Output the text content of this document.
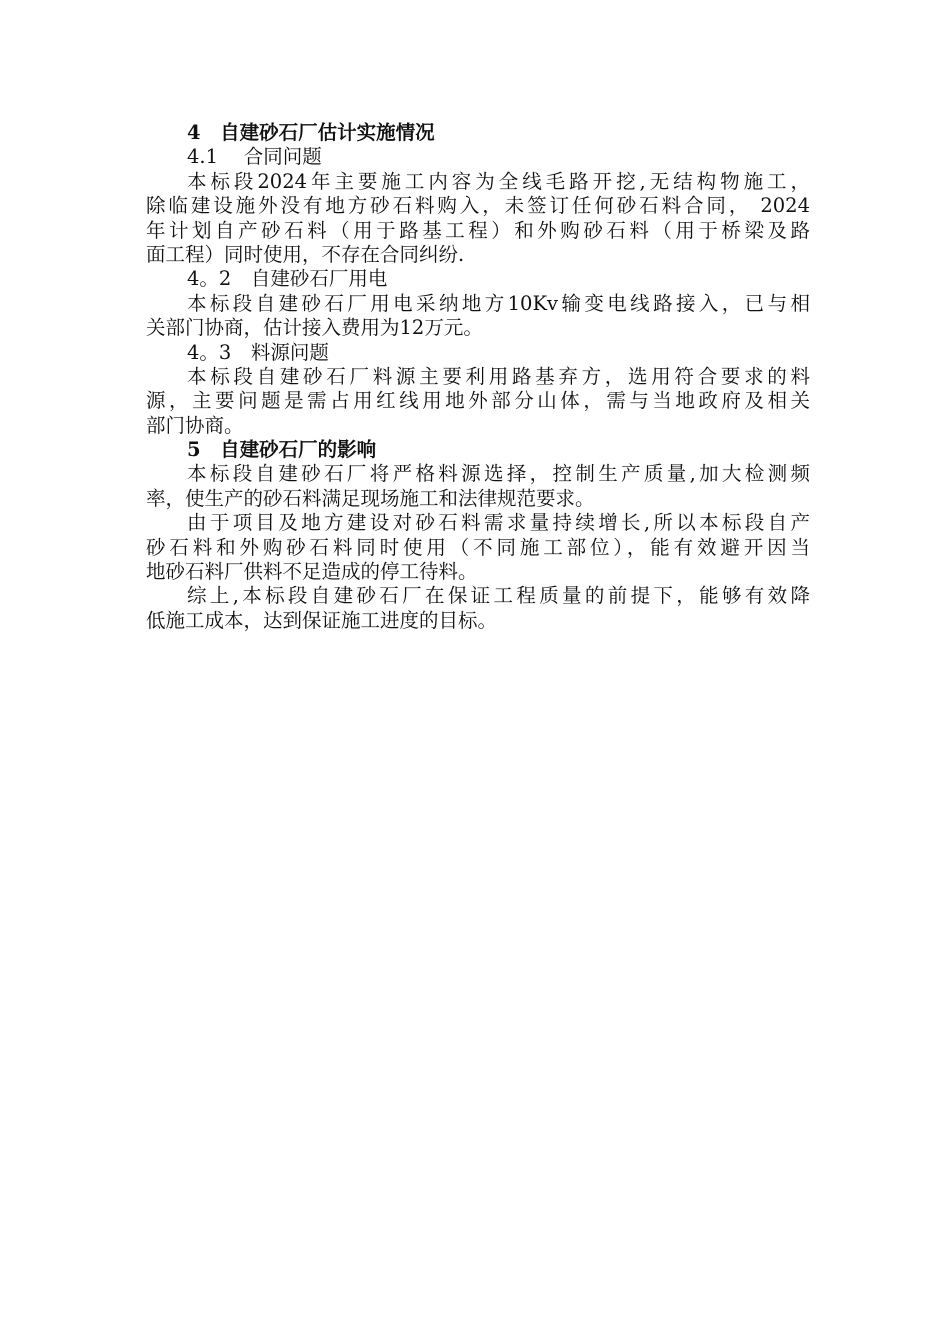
4　自建砂石厂估计实施情况
4.1　 合同问题
本标段2024年主要施工内容为全线毛路开挖,无结构物施工，
除临建设施外没有地方砂石料购入，未签订任何砂石料合同， 2024
年计划自产砂石料（用于路基工程）和外购砂石料（用于桥梁及路
面工程）同时使用，不存在合同纠纷.
4。2　自建砂石厂用电
本标段自建砂石厂用电采纳地方10Kv输变电线路接入，已与相
关部门协商，估计接入费用为12万元。
4。3　料源问题
本标段自建砂石厂料源主要利用路基弃方，选用符合要求的料
源，主要问题是需占用红线用地外部分山体，需与当地政府及相关
部门协商。
5　自建砂石厂的影响
本标段自建砂石厂将严格料源选择，控制生产质量,加大检测频
率，使生产的砂石料满足现场施工和法律规范要求。
由于项目及地方建设对砂石料需求量持续增长,所以本标段自产
砂石料和外购砂石料同时使用（不同施工部位），能有效避开因当
地砂石料厂供料不足造成的停工待料。
综上,本标段自建砂石厂在保证工程质量的前提下，能够有效降
低施工成本，达到保证施工进度的目标。
